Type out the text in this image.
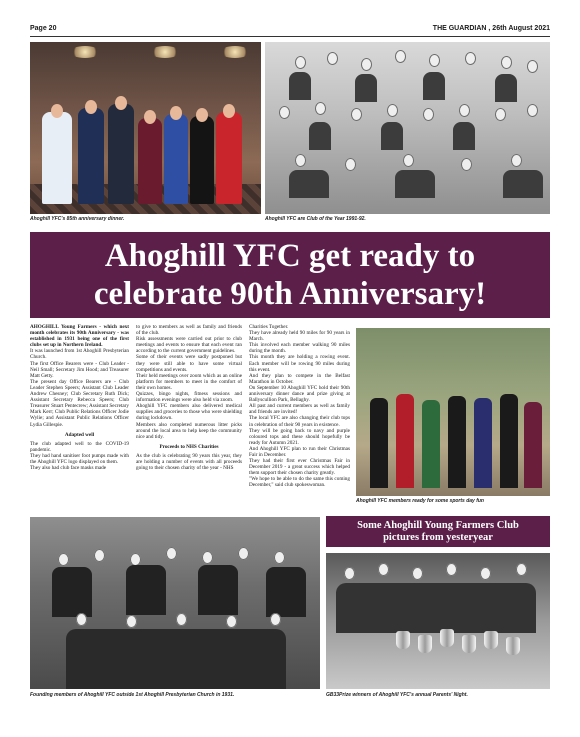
Page 20	THE GUARDIAN , 26th August 2021
Ahoghill YFC's 85th anniversary dinner.	Ahoghill YFC are Club of the Year 1991-92.
Ahoghill YFC get ready to
celebrate 90th Anniversary!

AHOGHILL Young Farmers - which next month celebrates its 90th Anniversary - was established in 1931 being one of the first clubs set up in Northern Ireland.

It was launched from 1st Ahoghill Presbyterian Church.

The first Office Bearers were - Club Leader - Neil Small; Secretary Jim Hood; and Treasurer Matt Getty.

The present day Office Bearers are - Club Leader Stephen Speers; Assistant Club Leader Andrew Chesney; Club Secretary Ruth Dick; Assistant Secretary Rebecca Speers; Club Treasurer Stuart Pentecrew; Assistant Secretary Mark Kerr; Club Public Relations Officer Jodie Wylie; and Assistant Public Relations Officer Lydia Gillespie.

Adapted well

The club adapted well to the COVID-19 pandemic.

They had hand sanitiser foot pumps made with the Ahoghill YFC logo displayed on them.

They also had club face masks made

to give to members as well as family and friends of the club.

Risk assessments were carried out prior to club meetings and events to ensure that each event ran according to the current government guidelines.

Some of their events were sadly postponed but they were still able to have some virtual competitions and events.

Their held meetings over zoom which as an online platform for members to meet in the comfort of their own homes.

Quizzes, bingo nights, fitness sessions and information evenings were also held via zoom.

Ahoghill YFC members also delivered medical supplies and groceries to those who were shielding during lockdown.

Members also completed numerous litter picks around the local area to help keep the community nice and tidy.

Proceeds to NHS Charities

As the club is celebrating 90 years this year, they are holding a number of events with all proceeds going to their chosen charity of the year - NHS

Charities Together.

They have already held 90 miles for 90 years in March.

This involved each member walking 90 miles during the month.

This month they are holding a rowing event. Each member will be rowing 90 miles during this event.

And they plan to compete in the Belfast Marathon in October.

On September 10 Ahoghill YFC hold their 90th anniversary dinner dance and prize giving at Ballyscullion Park, Bellaghy.

All past and current members as well as family and friends are invited!

The local YFC are also changing their club tops in celebration of their 90 years in existence.

They will be going back to navy and purple coloured tops and these should hopefully be ready for Autumn 2021.

And Ahoghill YFC plan to run their Christmas Fair in December.

They had their first ever Christmas Fair in December 2019 - a great success which helped them support their chosen charity greatly.

"We hope to be able to do the same this coming December," said club spokeswoman.

Ahoghill YFC members ready for some sports day fun
Some Ahoghill Young Farmers Club
pictures from yesteryear
Founding members of Ahoghill YFC outside 1st Ahoghill Presbyterian Church in 1931.	GB33Prize winners of Ahoghill YFC's annual Parents' Night.
